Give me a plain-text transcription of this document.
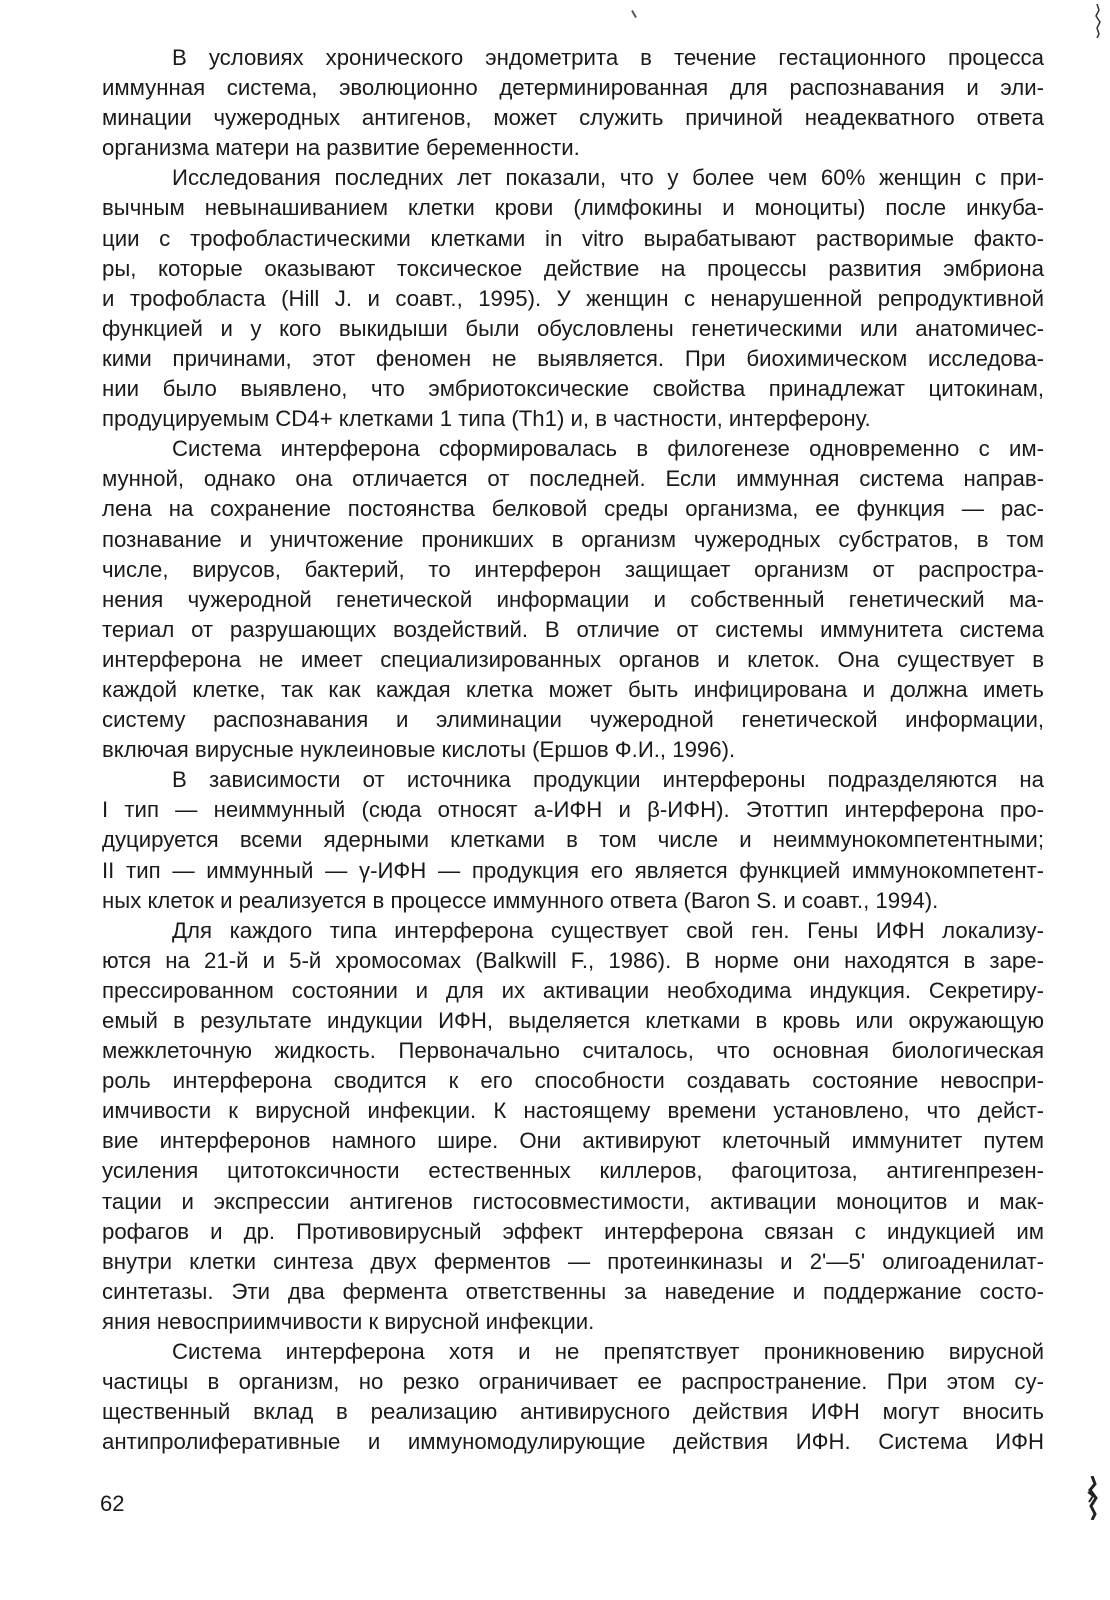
В условиях хронического эндометрита в течение гестационного процесса
иммунная система, эволюционно детерминированная для распознавания и эли-
минации чужеродных антигенов, может служить причиной неадекватного ответа
организма матери на развитие беременности.
Исследования последних лет показали, что у более чем 60% женщин с при-
вычным невынашиванием клетки крови (лимфокины и моноциты) после инкуба-
ции с трофобластическими клетками in vitro вырабатывают растворимые факто-
ры, которые оказывают токсическое действие на процессы развития эмбриона
и трофобласта (Hill J. и соавт., 1995). У женщин с ненарушенной репродуктивной
функцией и у кого выкидыши были обусловлены генетическими или анатомичес-
кими причинами, этот феномен не выявляется. При биохимическом исследова-
нии было выявлено, что эмбриотоксические свойства принадлежат цитокинам,
продуцируемым CD4+ клетками 1 типа (Th1) и, в частности, интерферону.
Система интерферона сформировалась в филогенезе одновременно с им-
мунной, однако она отличается от последней. Если иммунная система направ-
лена на сохранение постоянства белковой среды организма, ее функция — рас-
познавание и уничтожение проникших в организм чужеродных субстратов, в том
числе, вирусов, бактерий, то интерферон защищает организм от распростра-
нения чужеродной генетической информации и собственный генетический ма-
териал от разрушающих воздействий. В отличие от системы иммунитета система
интерферона не имеет специализированных органов и клеток. Она существует в
каждой клетке, так как каждая клетка может быть инфицирована и должна иметь
систему распознавания и элиминации чужеродной генетической информации,
включая вирусные нуклеиновые кислоты (Ершов Ф.И., 1996).
В зависимости от источника продукции интерфероны подразделяются на
I тип — неиммунный (сюда относят а-ИФН и β-ИФН). Этоттип интерферона про-
дуцируется всеми ядерными клетками в том числе и неиммунокомпетентными;
II тип — иммунный — γ-ИФН — продукция его является функцией иммунокомпетент-
ных клеток и реализуется в процессе иммунного ответа (Baron S. и соавт., 1994).
Для каждого типа интерферона существует свой ген. Гены ИФН локализу-
ются на 21-й и 5-й хромосомах (Balkwill F., 1986). В норме они находятся в заре-
прессированном состоянии и для их активации необходима индукция. Секретиру-
емый в результате индукции ИФН, выделяется клетками в кровь или окружающую
межклеточную жидкость. Первоначально считалось, что основная биологическая
роль интерферона сводится к его способности создавать состояние невоспри-
имчивости к вирусной инфекции. К настоящему времени установлено, что дейст-
вие интерферонов намного шире. Они активируют клеточный иммунитет путем
усиления цитотоксичности естественных киллеров, фагоцитоза, антигенпрезен-
тации и экспрессии антигенов гистосовместимости, активации моноцитов и мак-
рофагов и др. Противовирусный эффект интерферона связан с индукцией им
внутри клетки синтеза двух ферментов — протеинкиназы и 2'—5' олигоаденилат-
синтетазы. Эти два фермента ответственны за наведение и поддержание состо-
яния невосприимчивости к вирусной инфекции.
Система интерферона хотя и не препятствует проникновению вирусной
частицы в организм, но резко ограничивает ее распространение. При этом су-
щественный вклад в реализацию антивирусного действия ИФН могут вносить
антипролиферативные и иммуномодулирующие действия ИФН. Система ИФН
62
